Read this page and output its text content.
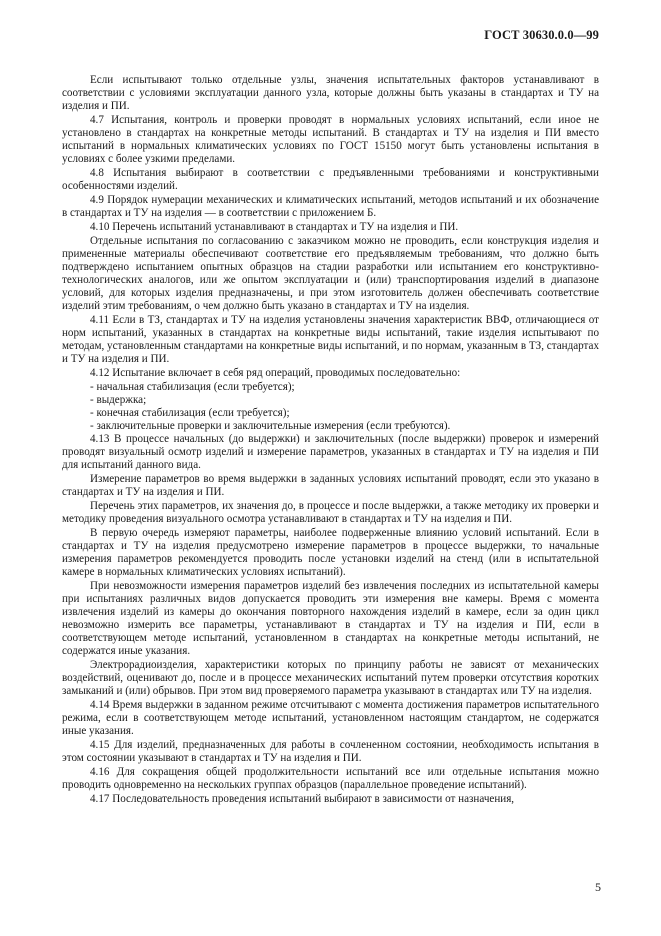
ГОСТ 30630.0.0—99

Если испытывают только отдельные узлы, значения испытательных факторов устанавливают в соответствии с условиями эксплуатации данного узла, которые должны быть указаны в стандартах и ТУ на изделия и ПИ.

4.7 Испытания, контроль и проверки проводят в нормальных условиях испытаний, если иное не установлено в стандартах на конкретные методы испытаний. В стандартах и ТУ на изделия и ПИ вместо испытаний в нормальных климатических условиях по ГОСТ 15150 могут быть установлены испытания в условиях с более узкими пределами.

4.8 Испытания выбирают в соответствии с предъявленными требованиями и конструктивными особенностями изделий.

4.9 Порядок нумерации механических и климатических испытаний, методов испытаний и их обозначение в стандартах и ТУ на изделия — в соответствии с приложением Б.

4.10 Перечень испытаний устанавливают в стандартах и ТУ на изделия и ПИ.

Отдельные испытания по согласованию с заказчиком можно не проводить, если конструкция изделия и примененные материалы обеспечивают соответствие его предъявляемым требованиям, что должно быть подтверждено испытанием опытных образцов на стадии разработки или испытанием его конструктивно-технологических аналогов, или же опытом эксплуатации и (или) транспортирования изделий в диапазоне условий, для которых изделия предназначены, и при этом изготовитель должен обеспечивать соответствие изделий этим требованиям, о чем должно быть указано в стандартах и ТУ на изделия.

4.11 Если в ТЗ, стандартах и ТУ на изделия установлены значения характеристик ВВФ, отличающиеся от норм испытаний, указанных в стандартах на конкретные виды испытаний, такие изделия испытывают по методам, установленным стандартами на конкретные виды испытаний, и по нормам, указанным в ТЗ, стандартах и ТУ на изделия и ПИ.

4.12 Испытание включает в себя ряд операций, проводимых последовательно:

- начальная стабилизация (если требуется);

- выдержка;

- конечная стабилизация (если требуется);

- заключительные проверки и заключительные измерения (если требуются).

4.13 В процессе начальных (до выдержки) и заключительных (после выдержки) проверок и измерений проводят визуальный осмотр изделий и измерение параметров, указанных в стандартах и ТУ на изделия и ПИ для испытаний данного вида.

Измерение параметров во время выдержки в заданных условиях испытаний проводят, если это указано в стандартах и ТУ на изделия и ПИ.

Перечень этих параметров, их значения до, в процессе и после выдержки, а также методику их проверки и методику проведения визуального осмотра устанавливают в стандартах и ТУ на изделия и ПИ.

В первую очередь измеряют параметры, наиболее подверженные влиянию условий испытаний. Если в стандартах и ТУ на изделия предусмотрено измерение параметров в процессе выдержки, то начальные измерения параметров рекомендуется проводить после установки изделий на стенд (или в испытательной камере в нормальных климатических условиях испытаний).

При невозможности измерения параметров изделий без извлечения последних из испытательной камеры при испытаниях различных видов допускается проводить эти измерения вне камеры. Время с момента извлечения изделий из камеры до окончания повторного нахождения изделий в камере, если за один цикл невозможно измерить все параметры, устанавливают в стандартах и ТУ на изделия и ПИ, если в соответствующем методе испытаний, установленном в стандартах на конкретные методы испытаний, не содержатся иные указания.

Электрорадиоизделия, характеристики которых по принципу работы не зависят от механических воздействий, оценивают до, после и в процессе механических испытаний путем проверки отсутствия коротких замыканий и (или) обрывов. При этом вид проверяемого параметра указывают в стандартах или ТУ на изделия.

4.14 Время выдержки в заданном режиме отсчитывают с момента достижения параметров испытательного режима, если в соответствующем методе испытаний, установленном настоящим стандартом, не содержатся иные указания.

4.15 Для изделий, предназначенных для работы в сочлененном состоянии, необходимость испытания в этом состоянии указывают в стандартах и ТУ на изделия и ПИ.

4.16 Для сокращения общей продолжительности испытаний все или отдельные испытания можно проводить одновременно на нескольких группах образцов (параллельное проведение испытаний).

4.17 Последовательность проведения испытаний выбирают в зависимости от назначения,

5
